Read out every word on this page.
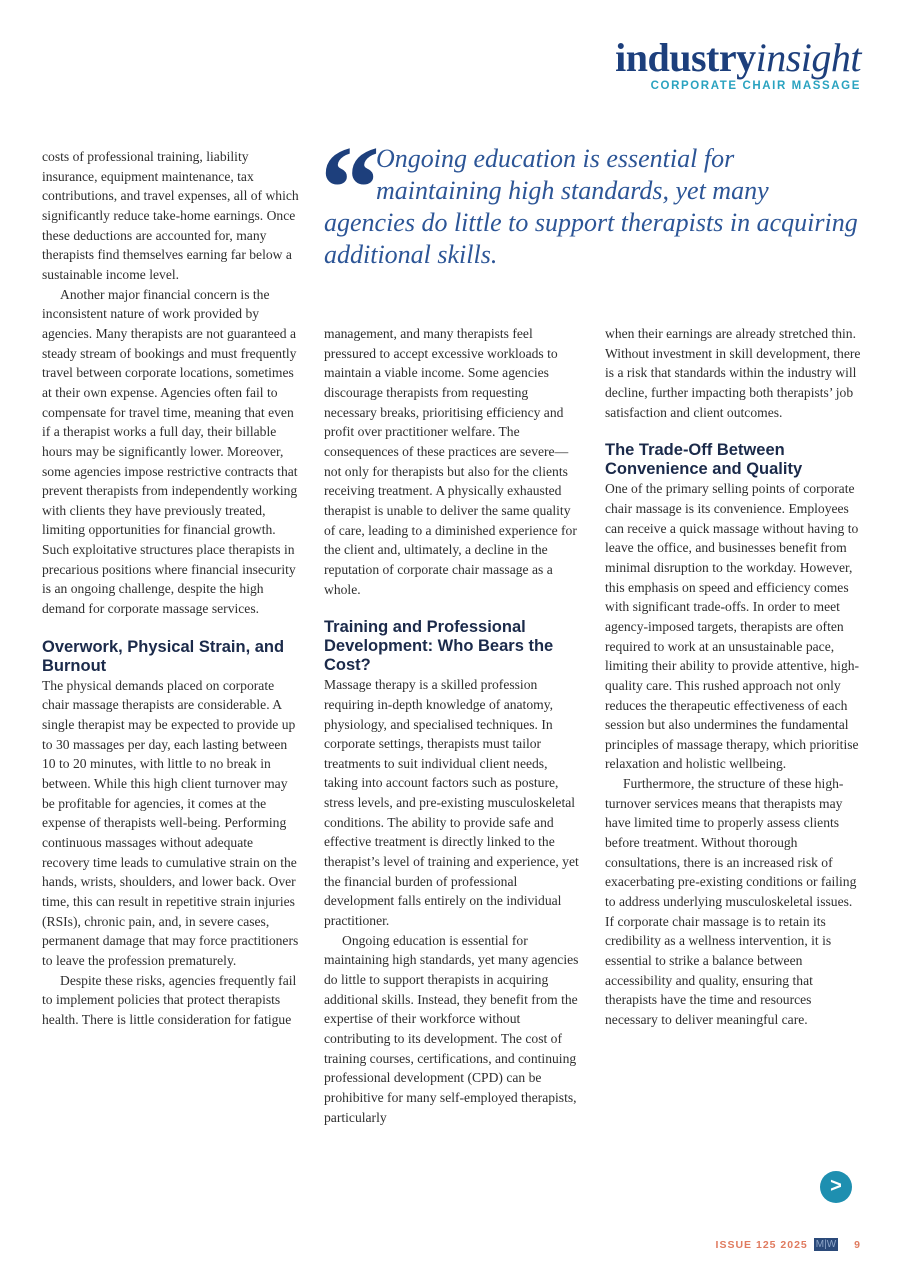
industryinsight
CORPORATE CHAIR MASSAGE
“ Ongoing education is essential for maintaining high standards, yet many agencies do little to support therapists in acquiring additional skills.

costs of professional training, liability insurance, equipment maintenance, tax contributions, and travel expenses, all of which significantly reduce take-home earnings. Once these deductions are accounted for, many therapists find themselves earning far below a sustainable income level.

Another major financial concern is the inconsistent nature of work provided by agencies. Many therapists are not guaranteed a steady stream of bookings and must frequently travel between corporate locations, sometimes at their own expense. Agencies often fail to compensate for travel time, meaning that even if a therapist works a full day, their billable hours may be significantly lower. Moreover, some agencies impose restrictive contracts that prevent therapists from independently working with clients they have previously treated, limiting opportunities for financial growth. Such exploitative structures place therapists in precarious positions where financial insecurity is an ongoing challenge, despite the high demand for corporate massage services.

Overwork, Physical Strain, and Burnout

The physical demands placed on corporate chair massage therapists are considerable. A single therapist may be expected to provide up to 30 massages per day, each lasting between 10 to 20 minutes, with little to no break in between. While this high client turnover may be profitable for agencies, it comes at the expense of therapists well-being. Performing continuous massages without adequate recovery time leads to cumulative strain on the hands, wrists, shoulders, and lower back. Over time, this can result in repetitive strain injuries (RSIs), chronic pain, and, in severe cases, permanent damage that may force practitioners to leave the profession prematurely.

Despite these risks, agencies frequently fail to implement policies that protect therapists health. There is little consideration for fatigue

management, and many therapists feel pressured to accept excessive workloads to maintain a viable income. Some agencies discourage therapists from requesting necessary breaks, prioritising efficiency and profit over practitioner welfare. The consequences of these practices are severe—not only for therapists but also for the clients receiving treatment. A physically exhausted therapist is unable to deliver the same quality of care, leading to a diminished experience for the client and, ultimately, a decline in the reputation of corporate chair massage as a whole.

Training and Professional Development: Who Bears the Cost?

Massage therapy is a skilled profession requiring in-depth knowledge of anatomy, physiology, and specialised techniques. In corporate settings, therapists must tailor treatments to suit individual client needs, taking into account factors such as posture, stress levels, and pre-existing musculoskeletal conditions. The ability to provide safe and effective treatment is directly linked to the therapist’s level of training and experience, yet the financial burden of professional development falls entirely on the individual practitioner.

Ongoing education is essential for maintaining high standards, yet many agencies do little to support therapists in acquiring additional skills. Instead, they benefit from the expertise of their workforce without contributing to its development. The cost of training courses, certifications, and continuing professional development (CPD) can be prohibitive for many self-employed therapists, particularly

when their earnings are already stretched thin. Without investment in skill development, there is a risk that standards within the industry will decline, further impacting both therapists’ job satisfaction and client outcomes.

The Trade-Off Between Convenience and Quality

One of the primary selling points of corporate chair massage is its convenience. Employees can receive a quick massage without having to leave the office, and businesses benefit from minimal disruption to the workday. However, this emphasis on speed and efficiency comes with significant trade-offs. In order to meet agency-imposed targets, therapists are often required to work at an unsustainable pace, limiting their ability to provide attentive, high-quality care. This rushed approach not only reduces the therapeutic effectiveness of each session but also undermines the fundamental principles of massage therapy, which prioritise relaxation and holistic wellbeing.

Furthermore, the structure of these high-turnover services means that therapists may have limited time to properly assess clients before treatment. Without thorough consultations, there is an increased risk of exacerbating pre-existing conditions or failing to address underlying musculoskeletal issues. If corporate chair massage is to retain its credibility as a wellness intervention, it is essential to strike a balance between accessibility and quality, ensuring that therapists have the time and resources necessary to deliver meaningful care.

>
ISSUE 125 2025 M|W 9
